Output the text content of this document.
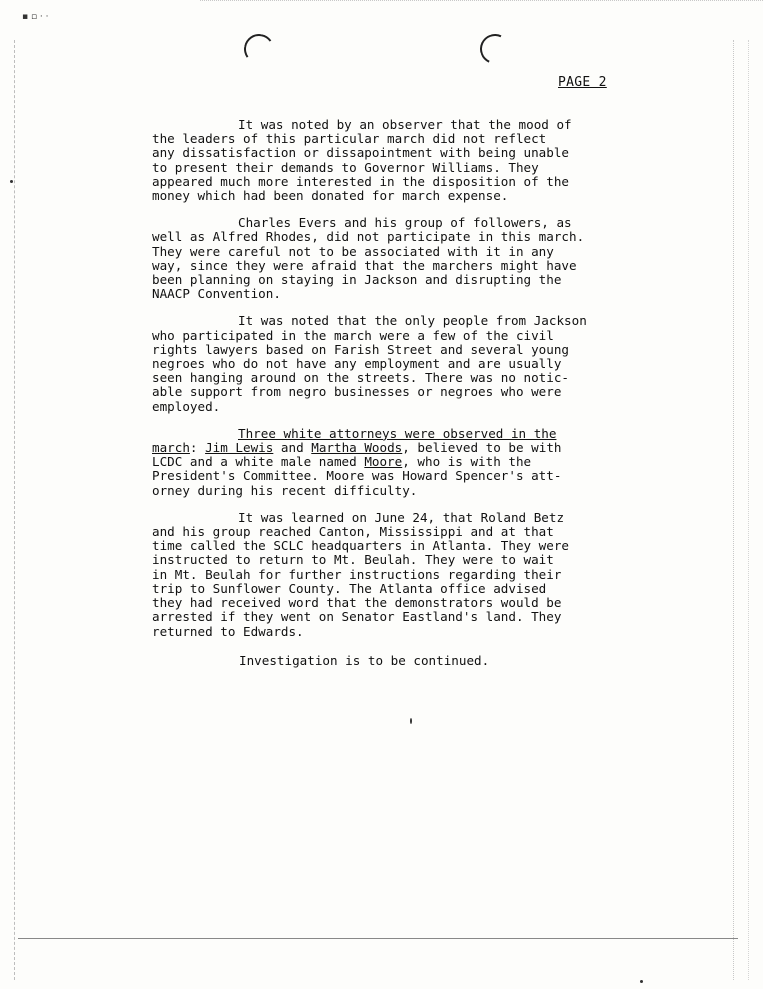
▪ ▫ · ·
PAGE 2

It was noted by an observer that the mood of
the leaders of this particular march did not reflect
any dissatisfaction or dissapointment with being unable
to present their demands to Governor Williams. They
appeared much more interested in the disposition of the
money which had been donated for march expense.

Charles Evers and his group of followers, as
well as Alfred Rhodes, did not participate in this march.
They were careful not to be associated with it in any
way, since they were afraid that the marchers might have
been planning on staying in Jackson and disrupting the
NAACP Convention.

It was noted that the only people from Jackson
who participated in the march were a few of the civil
rights lawyers based on Farish Street and several young
negroes who do not have any employment and are usually
seen hanging around on the streets. There was no notic-
able support from negro businesses or negroes who were
employed.

Three white attorneys were observed in the
march: Jim Lewis and Martha Woods, believed to be with
LCDC and a white male named Moore, who is with the
President's Committee. Moore was Howard Spencer's att-
orney during his recent difficulty.

It was learned on June 24, that Roland Betz
and his group reached Canton, Mississippi and at that
time called the SCLC headquarters in Atlanta. They were
instructed to return to Mt. Beulah. They were to wait
in Mt. Beulah for further instructions regarding their
trip to Sunflower County. The Atlanta office advised
they had received word that the demonstrators would be
arrested if they went on Senator Eastland's land. They
returned to Edwards.

Investigation is to be continued.
